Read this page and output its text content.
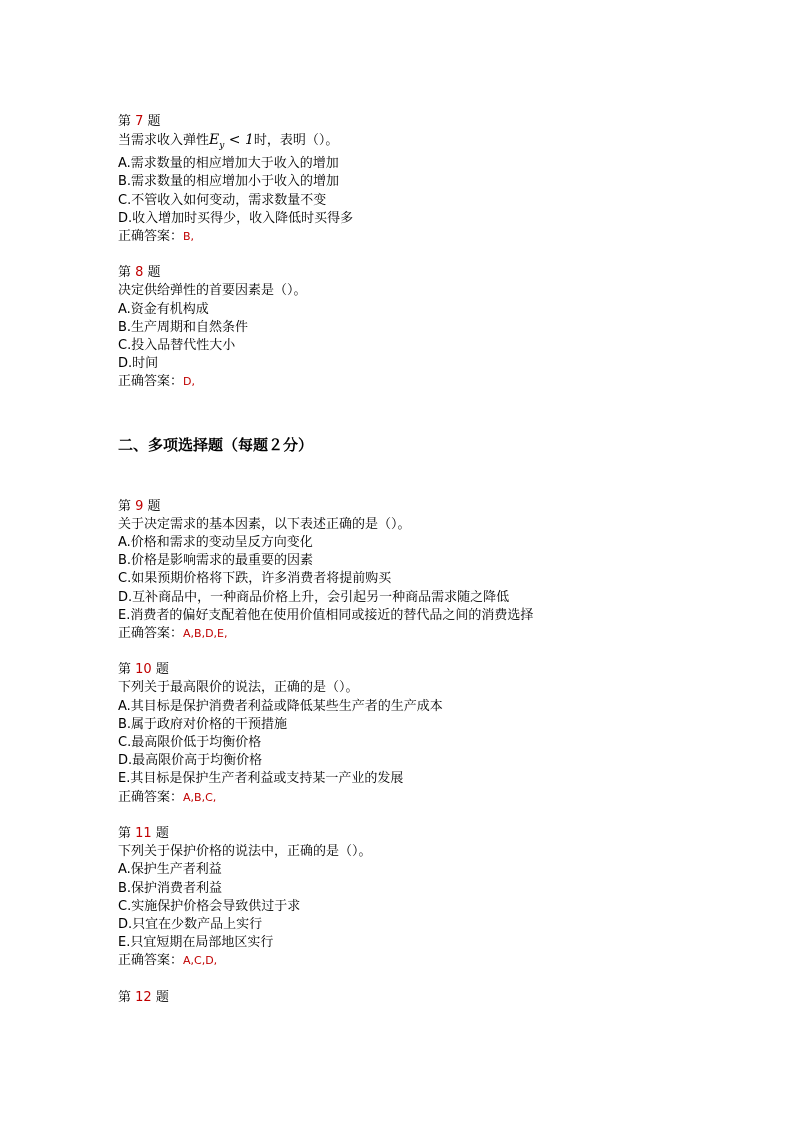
第 7 题
当需求收入弹性$E_y < 1$时，表明（）。
A.需求数量的相应增加大于收入的增加
B.需求数量的相应增加小于收入的增加
C.不管收入如何变动，需求数量不变
D.收入增加时买得少，收入降低时买得多
正确答案：B,
第 8 题
决定供给弹性的首要因素是（）。
A.资金有机构成
B.生产周期和自然条件
C.投入品替代性大小
D.时间
正确答案：D,
二、多项选择题（每题２分）
第 9 题
关于决定需求的基本因素，以下表述正确的是（）。
A.价格和需求的变动呈反方向变化
B.价格是影响需求的最重要的因素
C.如果预期价格将下跌，许多消费者将提前购买
D.互补商品中，一种商品价格上升，会引起另一种商品需求随之降低
E.消费者的偏好支配着他在使用价值相同或接近的替代品之间的消费选择
正确答案：A,B,D,E,
第 10 题
下列关于最高限价的说法，正确的是（）。
A.其目标是保护消费者利益或降低某些生产者的生产成本
B.属于政府对价格的干预措施
C.最高限价低于均衡价格
D.最高限价高于均衡价格
E.其目标是保护生产者利益或支持某一产业的发展
正确答案：A,B,C,
第 11 题
下列关于保护价格的说法中，正确的是（）。
A.保护生产者利益
B.保护消费者利益
C.实施保护价格会导致供过于求
D.只宜在少数产品上实行
E.只宜短期在局部地区实行
正确答案：A,C,D,
第 12 题
